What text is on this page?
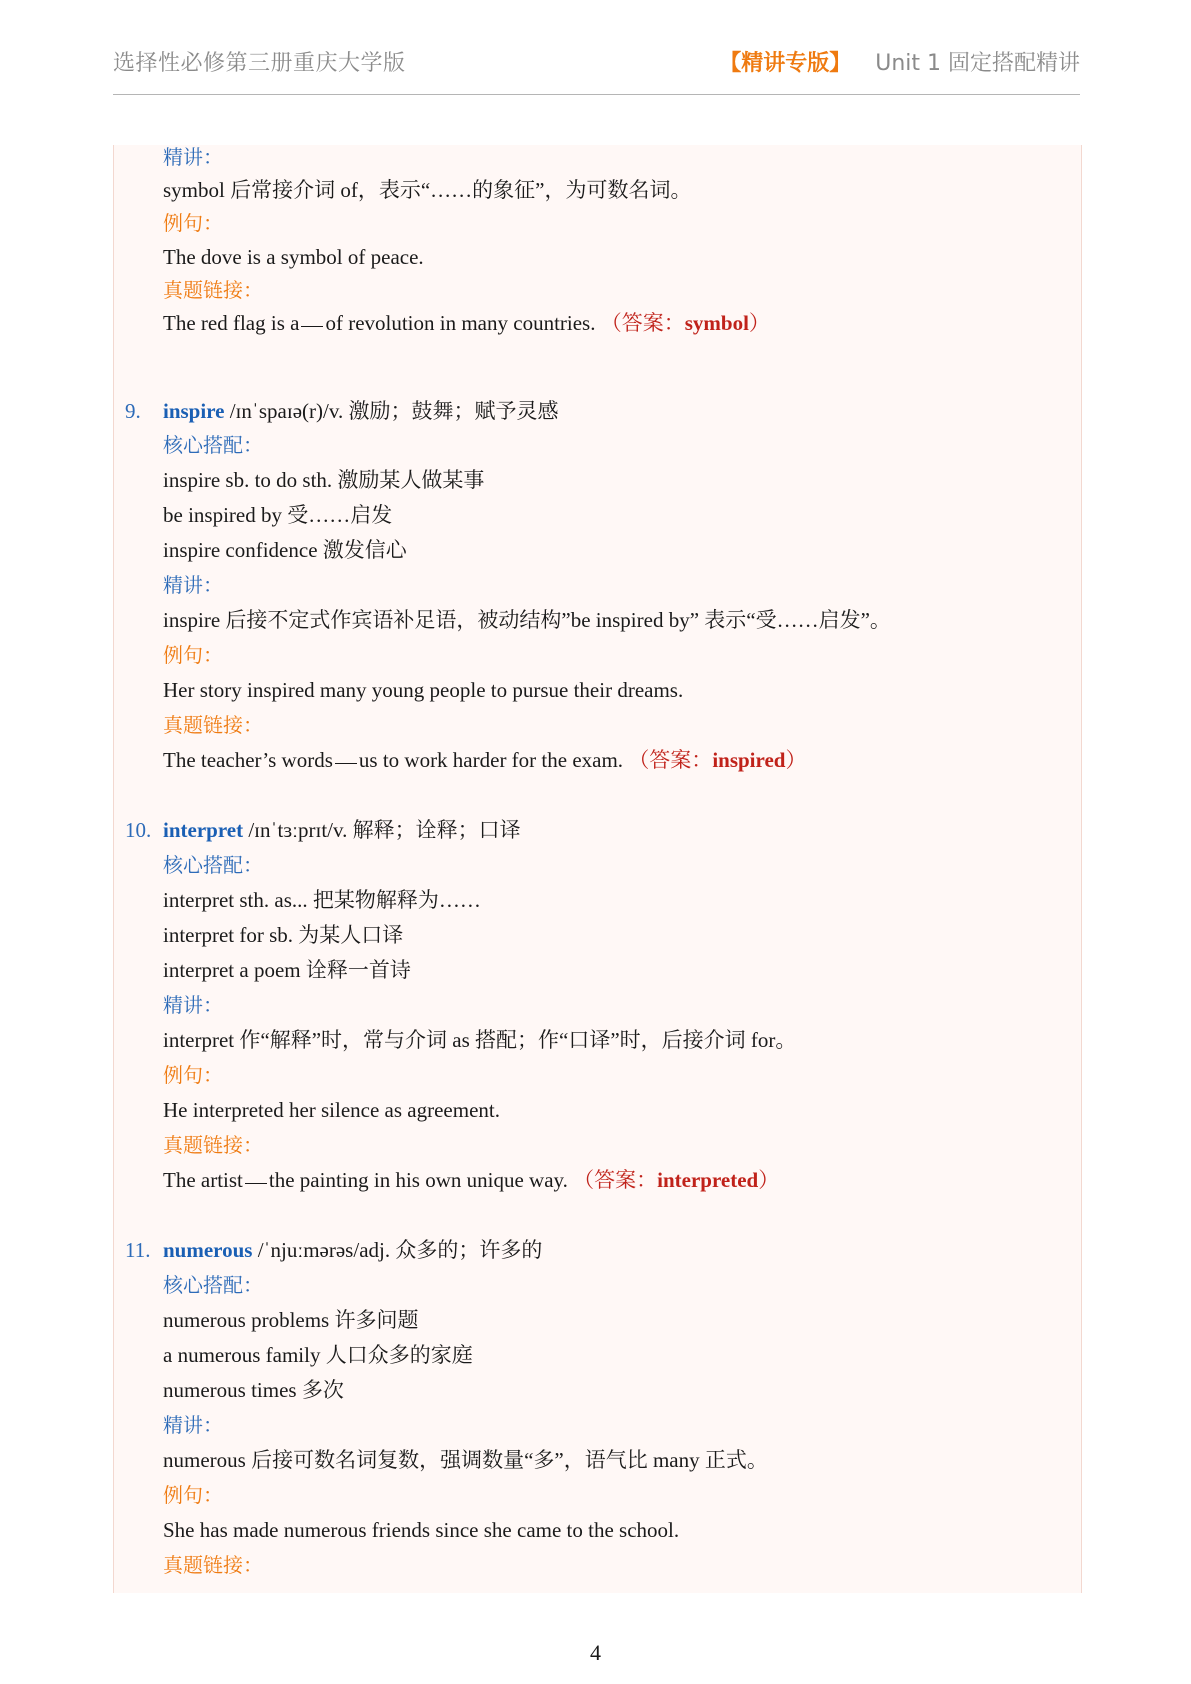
选择性必修第三册重庆大学版	【精讲专版】 Unit 1 固定搭配精讲
精讲：
symbol 后常接介词 of，表示“……的象征”，为可数名词。
例句：
The dove is a symbol of peace.
真题链接：
The red flag is a of revolution in many countries. （答案：symbol）
9. inspire /ɪnˈspaɪə(r)/v. 激励；鼓舞；赋予灵感
核心搭配：
inspire sb. to do sth. 激励某人做某事
be inspired by 受……启发
inspire confidence 激发信心
精讲：
inspire 后接不定式作宾语补足语，被动结构”be inspired by” 表示“受……启发”。
例句：
Her story inspired many young people to pursue their dreams.
真题链接：
The teacher’s words us to work harder for the exam. （答案：inspired）
10. interpret /ɪnˈtɜːprɪt/v. 解释；诠释；口译
核心搭配：
interpret sth. as... 把某物解释为……
interpret for sb. 为某人口译
interpret a poem 诠释一首诗
精讲：
interpret 作“解释”时，常与介词 as 搭配；作“口译”时，后接介词 for。
例句：
He interpreted her silence as agreement.
真题链接：
The artist the painting in his own unique way. （答案：interpreted）
11. numerous /ˈnjuːmərəs/adj. 众多的；许多的
核心搭配：
numerous problems 许多问题
a numerous family 人口众多的家庭
numerous times 多次
精讲：
numerous 后接可数名词复数，强调数量“多”，语气比 many 正式。
例句：
She has made numerous friends since she came to the school.
真题链接：
4
